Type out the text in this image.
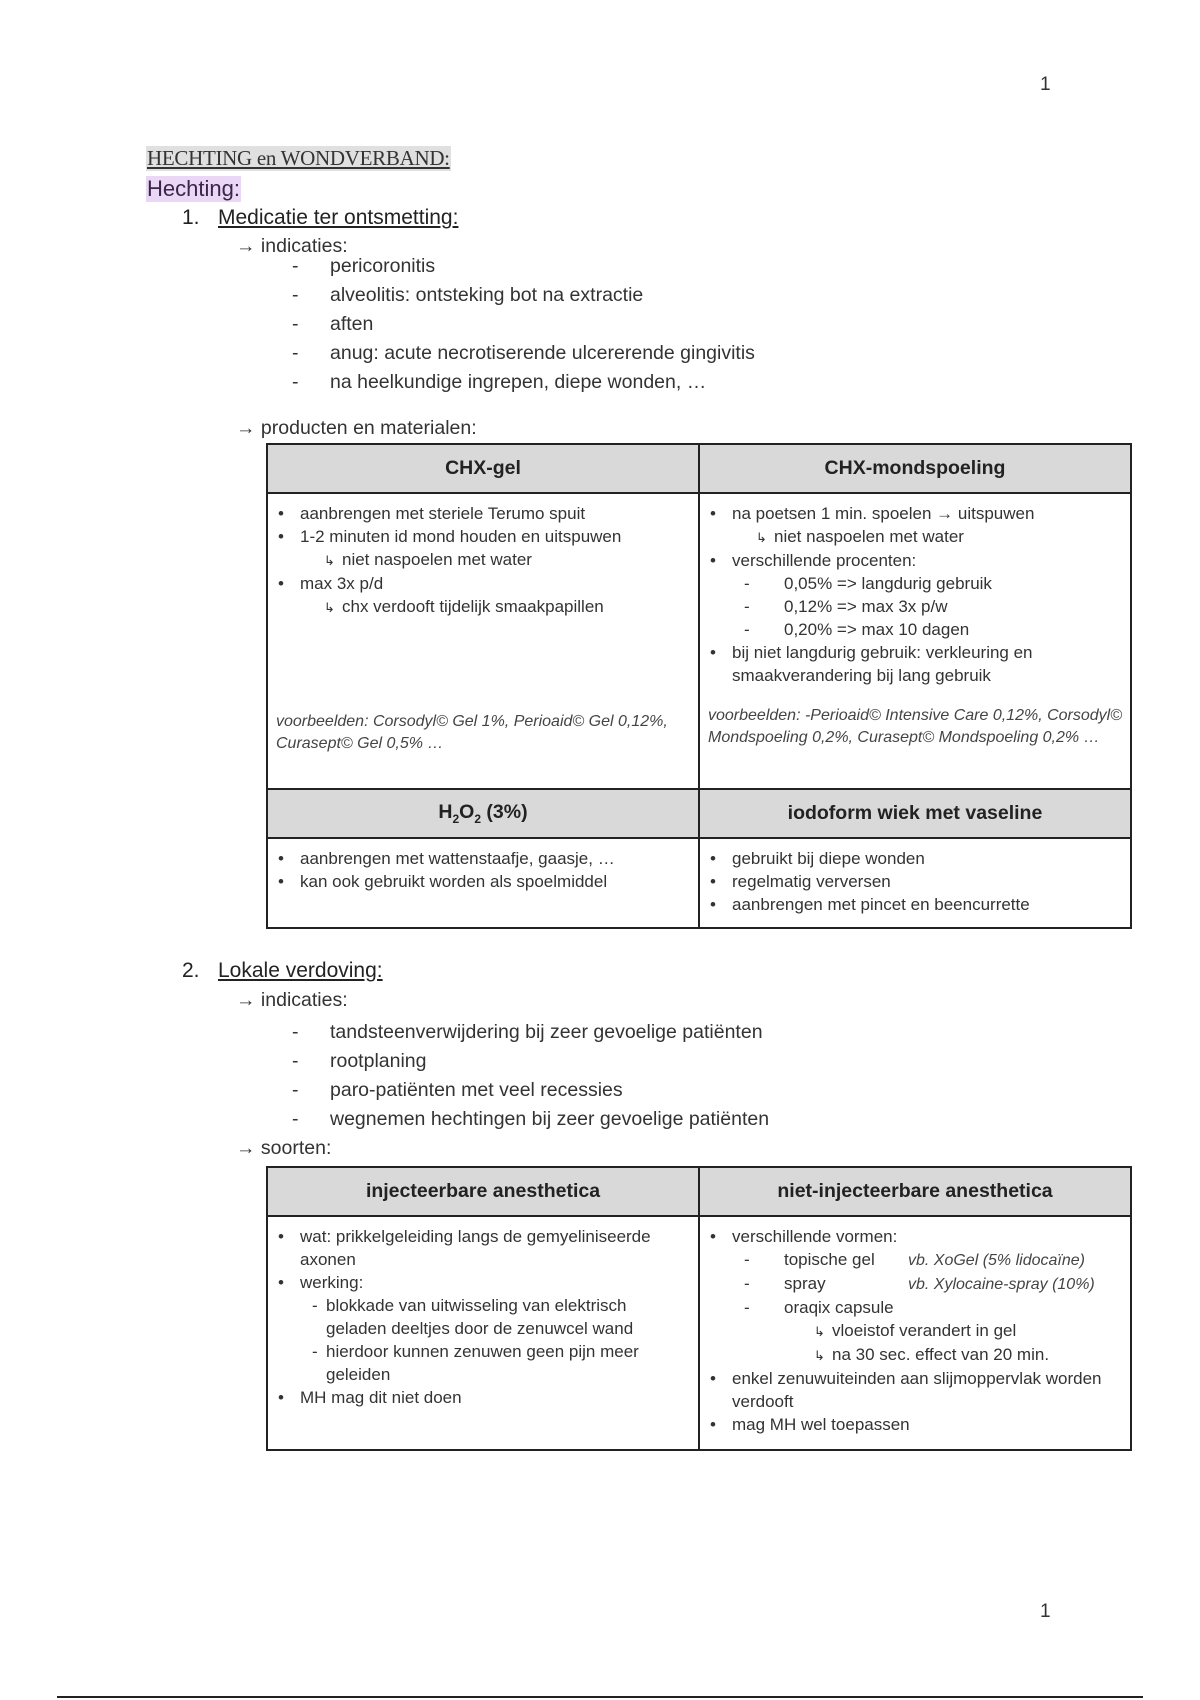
1
HECHTING en WONDVERBAND:
Hechting:
1. Medicatie ter ontsmetting:
→ indicaties:
- pericoronitis
- alveolitis: ontsteking bot na extractie
- aften
- anug: acute necrotiserende ulcererende gingivitis
- na heelkundige ingrepen, diepe wonden, …
→ producten en materialen:
CHX-gel	CHX-mondspoeling

• aanbrengen met steriele Terumo spuit
• 1-2 minuten id mond houden en uitspuwen
↳ niet naspoelen met water
• max 3x p/d
↳ chx verdooft tijdelijk smaakpapillen
voorbeelden: Corsodyl© Gel 1%, Perioaid© Gel 0,12%, Curasept© Gel 0,5% …

• na poetsen 1 min. spoelen → uitspuwen
↳ niet naspoelen met water
• verschillende procenten:
- 0,05% => langdurig gebruik
- 0,12% => max 3x p/w
- 0,20% => max 10 dagen
• bij niet langdurig gebruik: verkleuring en smaakverandering bij lang gebruik
voorbeelden: -Perioaid© Intensive Care 0,12%, Corsodyl© Mondspoeling 0,2%, Curasept© Mondspoeling 0,2% …

$H_2O_2$ (3%)	iodoform wiek met vaseline

• aanbrengen met wattenstaafje, gaasje, …
• kan ook gebruikt worden als spoelmiddel

• gebruikt bij diepe wonden
• regelmatig verversen
• aanbrengen met pincet en beencurrette
2. Lokale verdoving:
→ indicaties:
- tandsteenverwijdering bij zeer gevoelige patiënten
- rootplaning
- paro-patiënten met veel recessies
- wegnemen hechtingen bij zeer gevoelige patiënten
→ soorten:
injecteerbare anesthetica	niet-injecteerbare anesthetica

• wat: prikkelgeleiding langs de gemyeliniseerde axonen
• werking:
- blokkade van uitwisseling van elektrisch geladen deeltjes door de zenuwcel wand
- hierdoor kunnen zenuwen geen pijn meer geleiden
• MH mag dit niet doen

• verschillende vormen:
- topische gel vb. XoGel (5% lidocaïne)
- spray	vb. Xylocaine-spray (10%)
- oraqix capsule
↳ vloeistof verandert in gel
↳ na 30 sec. effect van 20 min.
• enkel zenuwuiteinden aan slijmoppervlak worden verdooft
• mag MH wel toepassen
1
